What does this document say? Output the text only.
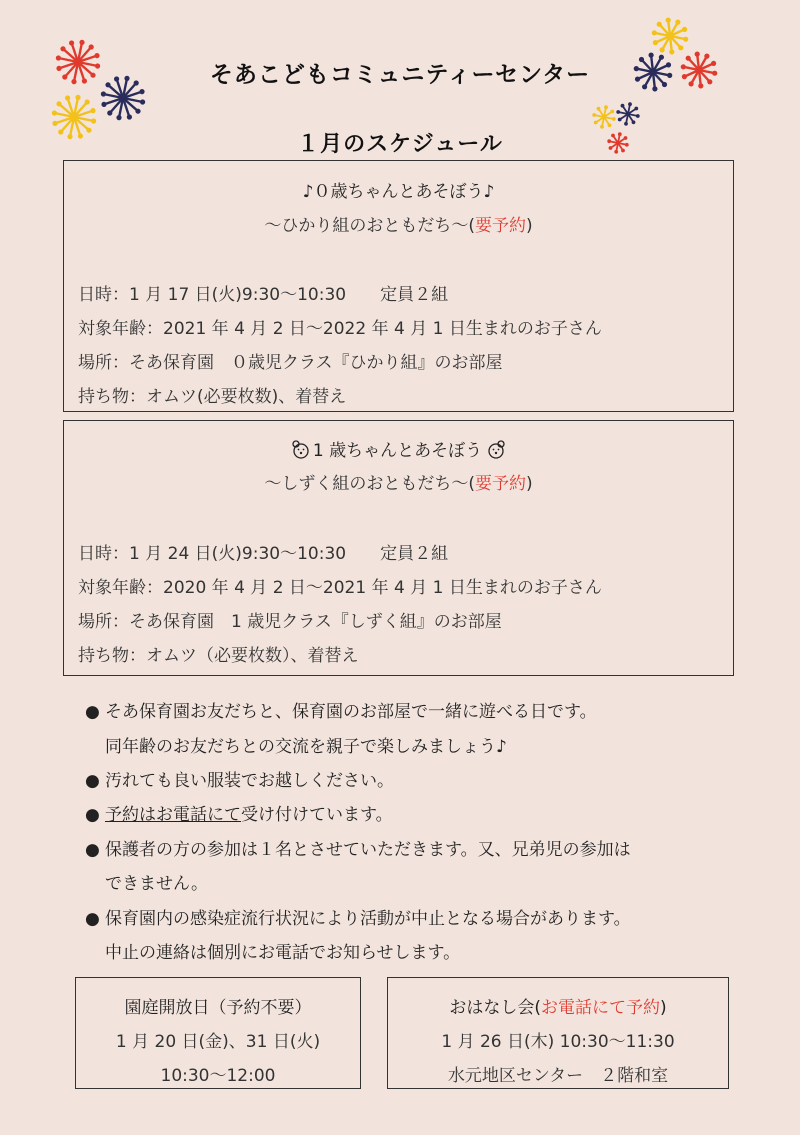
そあこどもコミュニティーセンター
１月のスケジュール
♪０歳ちゃんとあそぼう♪
〜ひかり組のおともだち〜(要予約)
日時：1 月 17 日(火)9:30〜10:30　　定員２組
対象年齢：2021 年 4 月 2 日〜2022 年 4 月 1 日生まれのお子さん
場所：そあ保育園　０歳児クラス『ひかり組』のお部屋
持ち物：オムツ(必要枚数)、着替え
1 歳ちゃんとあそぼう
〜しずく組のおともだち〜(要予約)
日時：1 月 24 日(火)9:30〜10:30　　定員２組
対象年齢：2020 年 4 月 2 日〜2021 年 4 月 1 日生まれのお子さん
場所：そあ保育園　1 歳児クラス『しずく組』のお部屋
持ち物：オムツ（必要枚数）、着替え
● そあ保育園お友だちと、保育園のお部屋で一緒に遊べる日です。
同年齢のお友だちとの交流を親子で楽しみましょう♪
● 汚れても良い服装でお越しください。
● 予約はお電話にて受け付けています。
● 保護者の方の参加は１名とさせていただきます。又、兄弟児の参加は
できません。
● 保育園内の感染症流行状況により活動が中止となる場合があります。
中止の連絡は個別にお電話でお知らせします。
園庭開放日（予約不要）
1 月 20 日(金)、31 日(火)
10:30〜12:00
おはなし会(お電話にて予約)
1 月 26 日(木) 10:30〜11:30
水元地区センター　２階和室
